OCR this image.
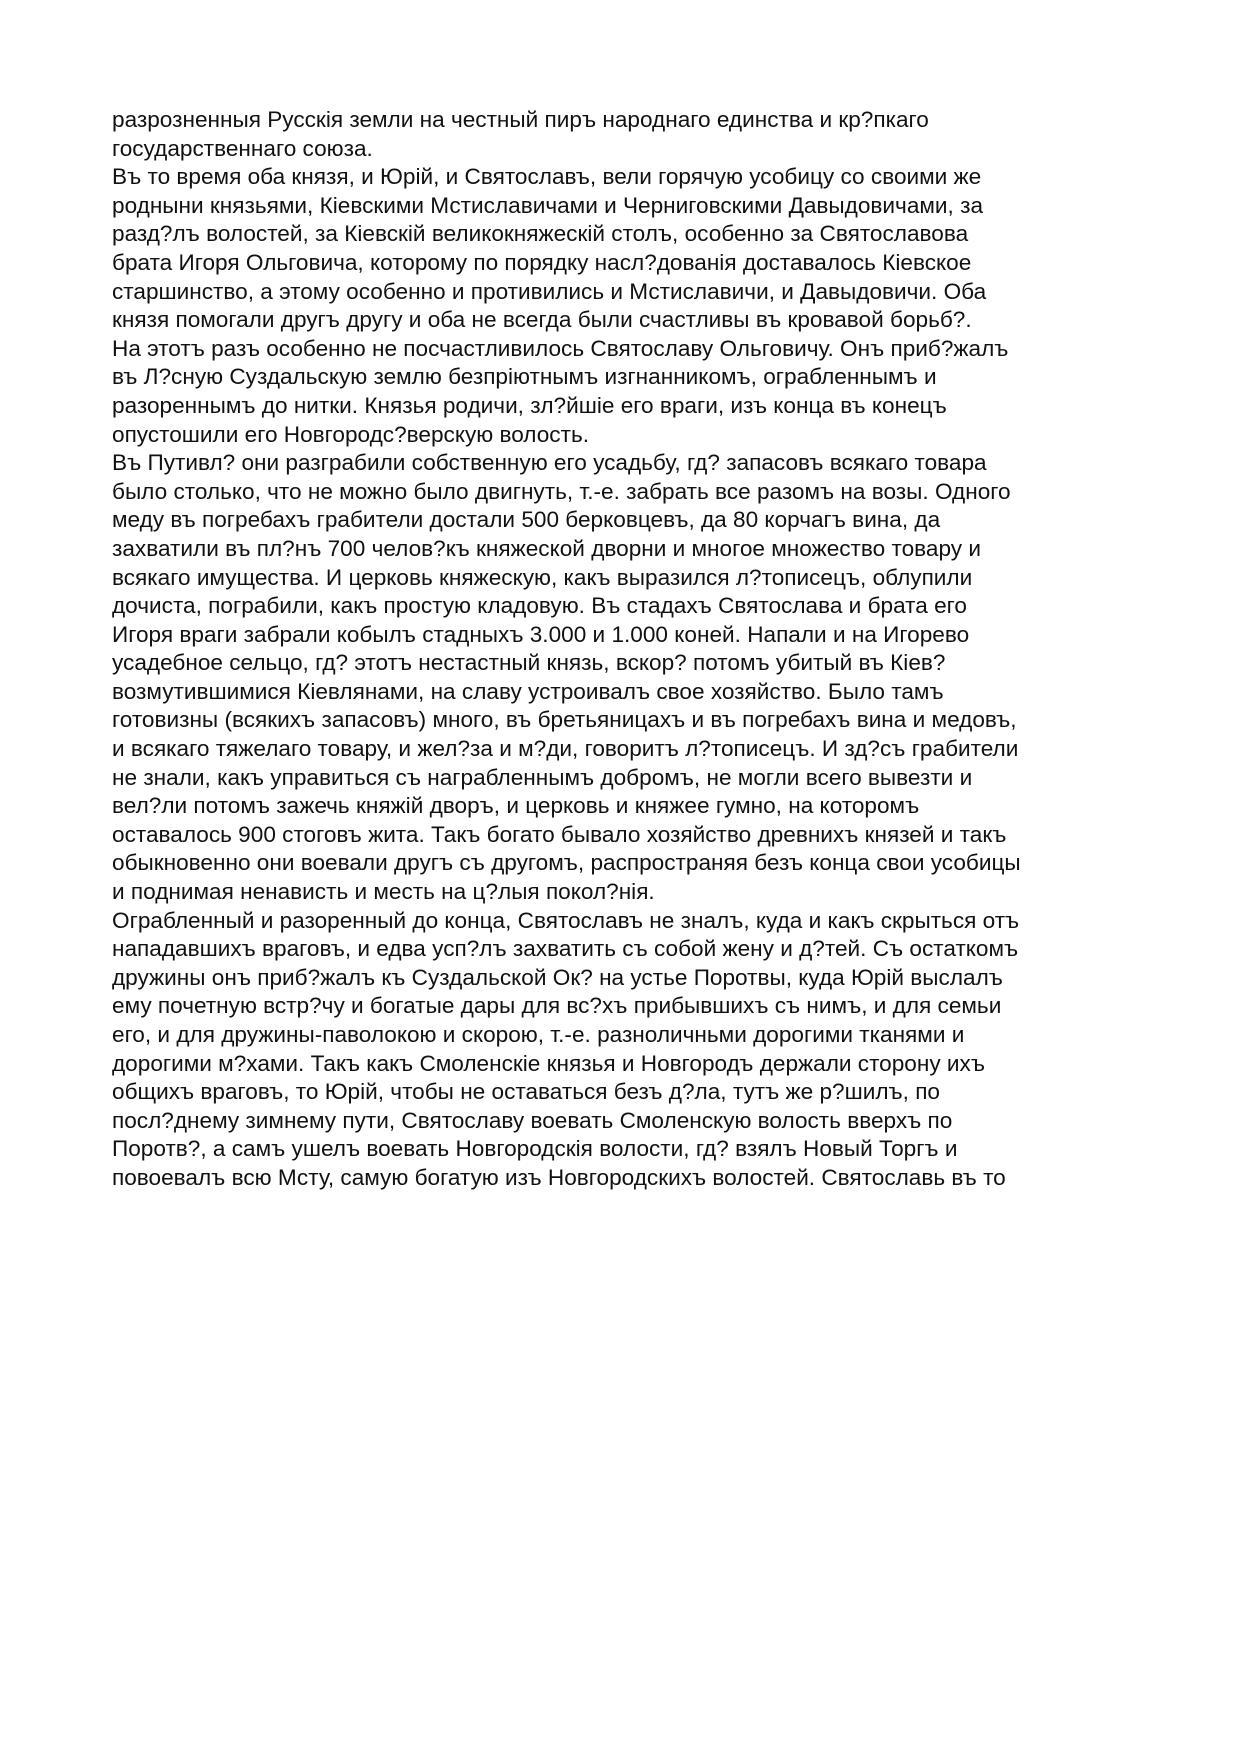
разрозненныя Русскія земли на честный пиръ народнаго единства и кр?пкаго
государственнаго союза.
Въ то время оба князя, и Юрій, и Святославъ, вели горячую усобицу со своими же
родныни князьями, Кіевскими Мстиславичами и Черниговскими Давыдовичами, за
разд?лъ волостей, за Кіевскій великокняжескій столъ, особенно за Святославова
брата Игоря Ольговича, которому по порядку насл?дованія доставалось Кіевское
старшинство, а этому особенно и противились и Мстиславичи, и Давыдовичи. Оба
князя помогали другъ другу и оба не всегда были счастливы въ кровавой борьб?.
На этотъ разъ особенно не посчастливилось Святославу Ольговичу. Онъ приб?жалъ
въ Л?сную Суздальскую землю безпріютнымъ изгнанникомъ, ограбленнымъ и
разореннымъ до нитки. Князья родичи, зл?йшіе его враги, изъ конца въ конецъ
опустошили его Новгородс?верскую волость.
Въ Путивл? они разграбили собственную его усадьбу, гд? запасовъ всякаго товара
было столько, что не можно было двигнуть, т.-е. забрать все разомъ на возы. Одного
меду въ погребахъ грабители достали 500 берковцевъ, да 80 корчагъ вина, да
захватили въ пл?нъ 700 челов?къ княжеской дворни и многое множество товару и
всякаго имущества. И церковь княжескую, какъ выразился л?тописецъ, облупили
дочиста, пограбили, какъ простую кладовую. Въ стадахъ Святослава и брата его
Игоря враги забрали кобылъ стадныхъ 3.000 и 1.000 коней. Напали и на Игорево
усадебное сельцо, гд? этотъ нестастный князь, вскор? потомъ убитый въ Кіев?
возмутившимися Кіевлянами, на славу устроивалъ свое хозяйство. Было тамъ
готовизны (всякихъ запасовъ) много, въ бретьяницахъ и въ погребахъ вина и медовъ,
и всякаго тяжелаго товару, и жел?за и м?ди, говоритъ л?тописецъ. И зд?съ грабители
не знали, какъ управиться съ награбленнымъ добромъ, не могли всего вывезти и
вел?ли потомъ зажечь княжій дворъ, и церковь и княжее гумно, на которомъ
оставалось 900 стоговъ жита. Такъ богато бывало хозяйство древнихъ князей и такъ
обыкновенно они воевали другъ съ другомъ, распространяя безъ конца свои усобицы
и поднимая ненависть и месть на ц?лыя покол?нія.
Ограбленный и разоренный до конца, Святославъ не зналъ, куда и какъ скрыться отъ
нападавшихъ враговъ, и едва усп?лъ захватить съ собой жену и д?тей. Съ остаткомъ
дружины онъ приб?жалъ къ Суздальской Ок? на устье Поротвы, куда Юрій выслалъ
ему почетную встр?чу и богатые дары для вс?хъ прибывшихъ съ нимъ, и для семьи
его, и для дружины-паволокою и скорою, т.-е. разноличньми дорогими тканями и
дорогими м?хами. Такъ какъ Смоленскіе князья и Новгородъ держали сторону ихъ
общихъ враговъ, то Юрій, чтобы не оставаться безъ д?ла, тутъ же р?шилъ, по
посл?днему зимнему пути, Святославу воевать Смоленскую волость вверхъ по
Поротв?, а самъ ушелъ воевать Новгородскія волости, гд? взялъ Новый Торгъ и
повоевалъ всю Мсту, самую богатую изъ Новгородскихъ волостей. Святославь въ то
